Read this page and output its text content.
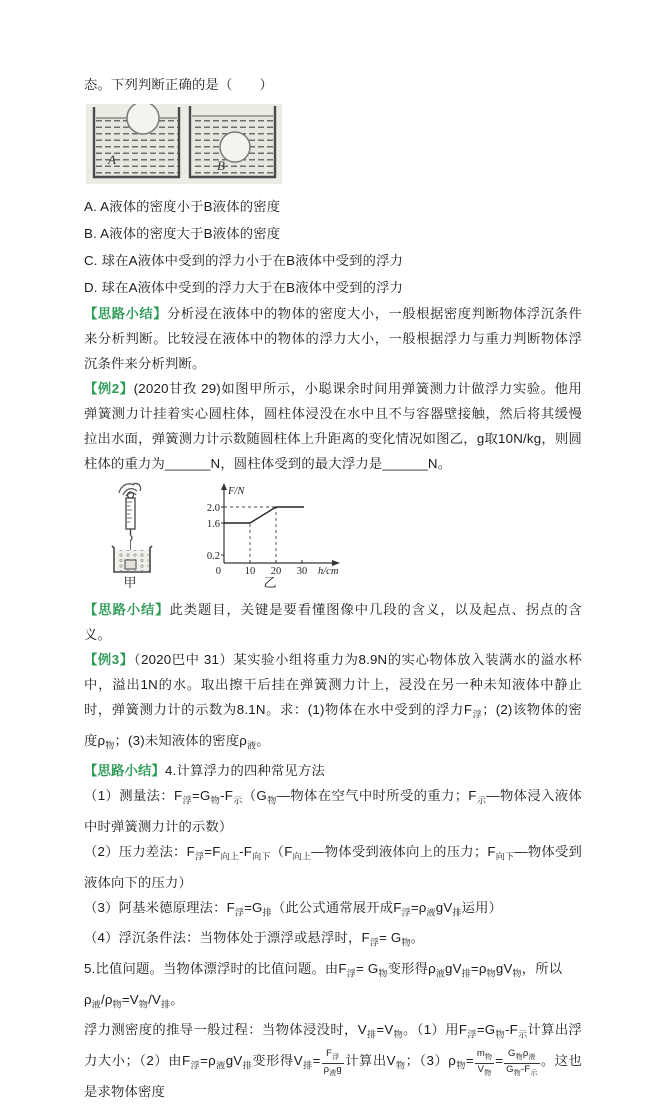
态。下列判断正确的是（　　）

A	B

A. A液体的密度小于B液体的密度

B. A液体的密度大于B液体的密度

C. 球在A液体中受到的浮力小于在B液体中受到的浮力

D. 球在A液体中受到的浮力大于在B液体中受到的浮力

【思路小结】分析浸在液体中的物体的密度大小，一般根据密度判断物体浮沉条件来分析判断。比较浸在液体中的物体的浮力大小，一般根据浮力与重力判断物体浮沉条件来分析判断。

【例2】(2020甘孜 29)如图甲所示，小聪课余时间用弹簧测力计做浮力实验。他用弹簧测力计挂着实心圆柱体，圆柱体浸没在水中且不与容器壁接触，然后将其缓慢拉出水面，弹簧测力计示数随圆柱体上升距离的变化情况如图乙，g取10N/kg，则圆柱体的重力为______N，圆柱体受到的最大浮力是______N。

甲
2.0
1.6
0.2
0 10 20 30
F/N
h/cm
乙

【思路小结】此类题目，关键是要看懂图像中几段的含义，以及起点、拐点的含义。

【例3】（2020巴中 31）某实验小组将重力为8.9N的实心物体放入装满水的溢水杯中，溢出1N的水。取出擦干后挂在弹簧测力计上，浸没在另一种未知液体中静止时，弹簧测力计的示数为8.1N。求：(1)物体在水中受到的浮力$F_浮$；(2)该物体的密度$\rho_物$；(3)未知液体的密度$\rho_液$。

【思路小结】4.计算浮力的四种常见方法

（1）测量法：$F_浮=G_物-F_示(G_物—$物体在空气中时所受的重力；$F_示—$物体浸入液体中时弹簧测力计的示数）

（2）压力差法：$F_浮=F_{向上}-F_{向下}(F_{向上}—$物体受到液体向上的压力；$F_{向下}—$物体受到液体向下的压力）

（3）阿基米德原理法：$F_浮=G_排$（此公式通常展开成$F_浮=\rho_液gV_排$运用）

（4）浮沉条件法：当物体处于漂浮或悬浮时，$F_浮= G_物$。

5.比值问题。当物体漂浮时的比值问题。由$F_浮= G_物$变形得$\rho_液gV_排=\rho_物gV_物$，所以

$\rho_液/\rho_物=V_物/V_排$。

浮力测密度的推导一般过程：当物体浸没时，$V_排=V_物$。（1）用$F_浮=G_物-F_示$计算出浮力大小；（2）由$F_浮=\rho_液gV_排$变形得$V_排= \frac{F_浮}{\rho_液g}$ 计算出$V_物$；$(3)\rho_物= \frac{m_物}{V_物} = \frac{G_物\rho_液}{G_物-F_示}$ 。这也是求物体密度
